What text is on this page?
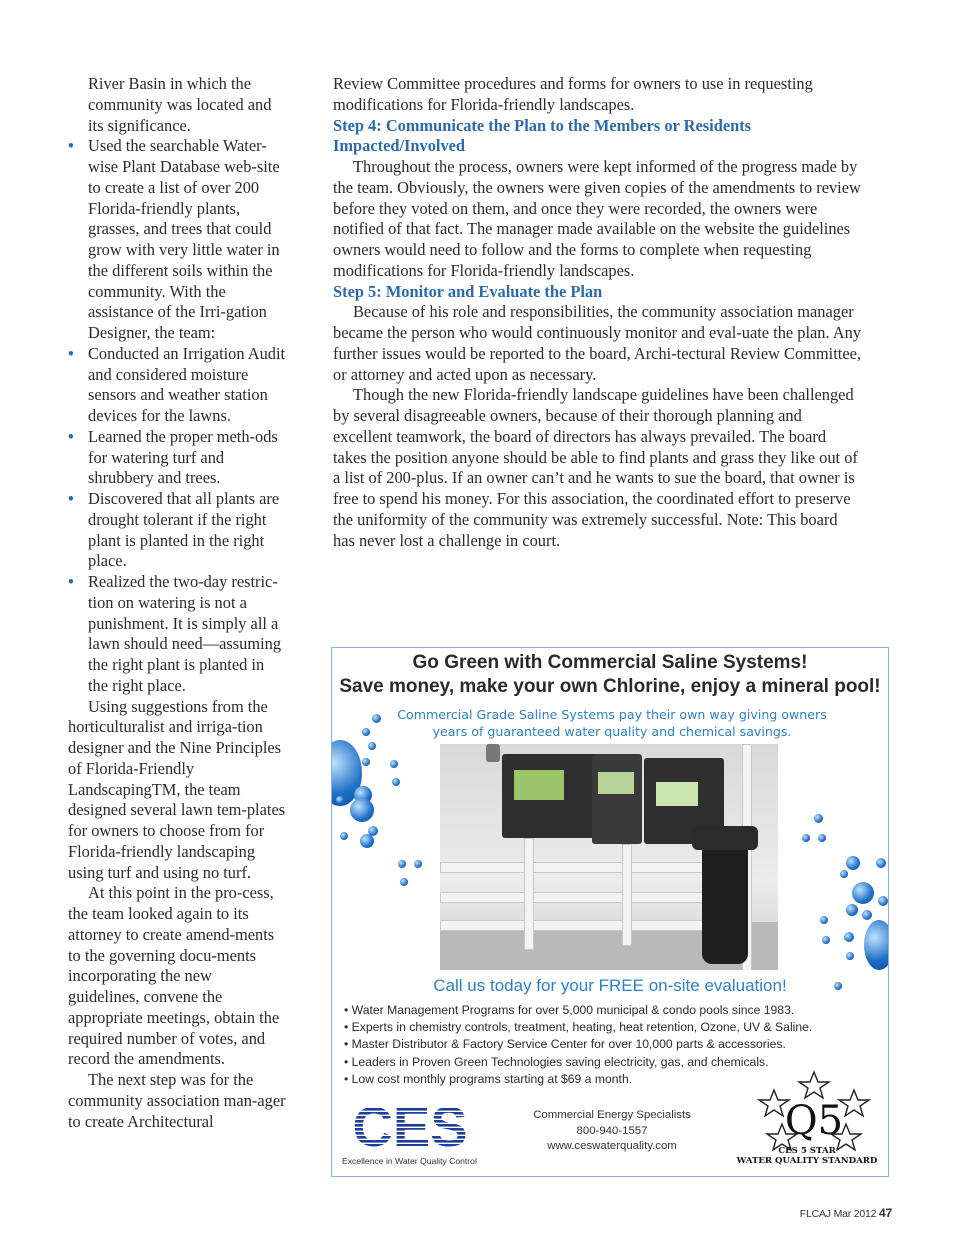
River Basin in which the community was located and its significance.

• Used the searchable Water-wise Plant Database web-site to create a list of over 200 Florida-friendly plants, grasses, and trees that could grow with very little water in the different soils within the community. With the assistance of the Irri-gation Designer, the team:
• Conducted an Irrigation Audit and considered moisture sensors and weather station devices for the lawns.
• Learned the proper meth-ods for watering turf and shrubbery and trees.
• Discovered that all plants are drought tolerant if the right plant is planted in the right place.
• Realized the two-day restric-tion on watering is not a punishment. It is simply all a lawn should need—assuming the right plant is planted in the right place.

Using suggestions from the horticulturalist and irriga-tion designer and the Nine Principles of Florida-Friendly LandscapingTM, the team designed several lawn tem-plates for owners to choose from for Florida-friendly landscaping using turf and using no turf.

At this point in the pro-cess, the team looked again to its attorney to create amend-ments to the governing docu-ments incorporating the new guidelines, convene the appropriate meetings, obtain the required number of votes, and record the amendments.

The next step was for the community association man-ager to create Architectural

Review Committee procedures and forms for owners to use in requesting modifications for Florida-friendly landscapes.

Step 4: Communicate the Plan to the Members or Residents Impacted/Involved

Throughout the process, owners were kept informed of the progress made by the team. Obviously, the owners were given copies of the amendments to review before they voted on them, and once they were recorded, the owners were notified of that fact. The manager made available on the website the guidelines owners would need to follow and the forms to complete when requesting modifications for Florida-friendly landscapes.

Step 5: Monitor and Evaluate the Plan

Because of his role and responsibilities, the community association manager became the person who would continuously monitor and eval-uate the plan. Any further issues would be reported to the board, Archi-tectural Review Committee, or attorney and acted upon as necessary.

Though the new Florida-friendly landscape guidelines have been challenged by several disagreeable owners, because of their thorough planning and excellent teamwork, the board of directors has always prevailed. The board takes the position anyone should be able to find plants and grass they like out of a list of 200-plus. If an owner can’t and he wants to sue the board, that owner is free to spend his money. For this association, the coordinated effort to preserve the uniformity of the community was extremely successful. Note: This board has never lost a challenge in court.

Go Green with Commercial Saline Systems!
Save money, make your own Chlorine, enjoy a mineral pool!
Commercial Grade Saline Systems pay their own way giving owners years of guaranteed water quality and chemical savings.
Call us today for your FREE on-site evaluation!
• Water Management Programs for over 5,000 municipal & condo pools since 1983.
• Experts in chemistry controls, treatment, heating, heat retention, Ozone, UV & Saline.
• Master Distributor & Factory Service Center for over 10,000 parts & accessories.
• Leaders in Proven Green Technologies saving electricity, gas, and chemicals.
• Low cost monthly programs starting at $69 a month.
CES
Excellence in Water Quality Control
Commercial Energy Specialists
800-940-1557
www.ceswaterquality.com
Q5
CES 5 STAR
WATER QUALITY STANDARD
FLCAJ Mar 2012 47
